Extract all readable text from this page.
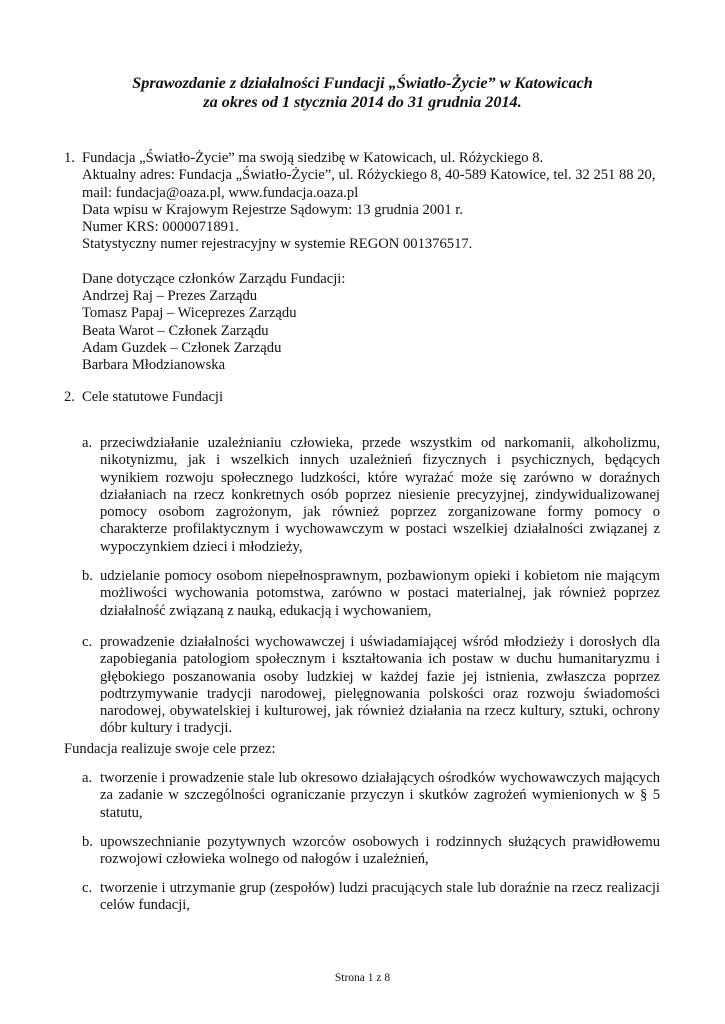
Sprawozdanie z działalności Fundacji „Światło-Życie” w Katowicach
za okres od 1 stycznia 2014 do 31 grudnia 2014.
1. Fundacja „Światło-Życie” ma swoją siedzibę w Katowicach, ul. Różyckiego 8.
Aktualny adres: Fundacja „Światło-Życie”, ul. Różyckiego 8, 40-589 Katowice, tel. 32 251 88 20,
mail: fundacja@oaza.pl, www.fundacja.oaza.pl
Data wpisu w Krajowym Rejestrze Sądowym: 13 grudnia 2001 r.
Numer KRS: 0000071891.
Statystyczny numer rejestracyjny w systemie REGON 001376517.
Dane dotyczące członków Zarządu Fundacji:
Andrzej Raj – Prezes Zarządu
Tomasz Papaj – Wiceprezes Zarządu
Beata Warot – Członek Zarządu
Adam Guzdek – Członek Zarządu
Barbara Młodzianowska
2. Cele statutowe Fundacji
a. przeciwdziałanie uzależnianiu człowieka, przede wszystkim od narkomanii, alkoholizmu, nikotynizmu, jak i wszelkich innych uzależnień fizycznych i psychicznych, będących wynikiem rozwoju społecznego ludzkości, które wyrażać może się zarówno w doraźnych działaniach na rzecz konkretnych osób poprzez niesienie precyzyjnej, zindywidualizowanej pomocy osobom zagrożonym, jak również poprzez zorganizowane formy pomocy o charakterze profilaktycznym i wychowawczym w postaci wszelkiej działalności związanej z wypoczynkiem dzieci i młodzieży,
b. udzielanie pomocy osobom niepełnosprawnym, pozbawionym opieki i kobietom nie mającym możliwości wychowania potomstwa, zarówno w postaci materialnej, jak również poprzez działalność związaną z nauką, edukacją i wychowaniem,
c. prowadzenie działalności wychowawczej i uświadamiającej wśród młodzieży i dorosłych dla zapobiegania patologiom społecznym i kształtowania ich postaw w duchu humanitaryzmu i głębokiego poszanowania osoby ludzkiej w każdej fazie jej istnienia, zwłaszcza poprzez podtrzymywanie tradycji narodowej, pielęgnowania polskości oraz rozwoju świadomości narodowej, obywatelskiej i kulturowej, jak również działania na rzecz kultury, sztuki, ochrony dóbr kultury i tradycji.
Fundacja realizuje swoje cele przez:
a. tworzenie i prowadzenie stale lub okresowo działających ośrodków wychowawczych mających za zadanie w szczególności ograniczanie przyczyn i skutków zagrożeń wymienionych w § 5 statutu,
b. upowszechnianie pozytywnych wzorców osobowych i rodzinnych służących prawidłowemu rozwojowi człowieka wolnego od nałogów i uzależnień,
c. tworzenie i utrzymanie grup (zespołów) ludzi pracujących stale lub doraźnie na rzecz realizacji celów fundacji,
Strona 1 z 8
